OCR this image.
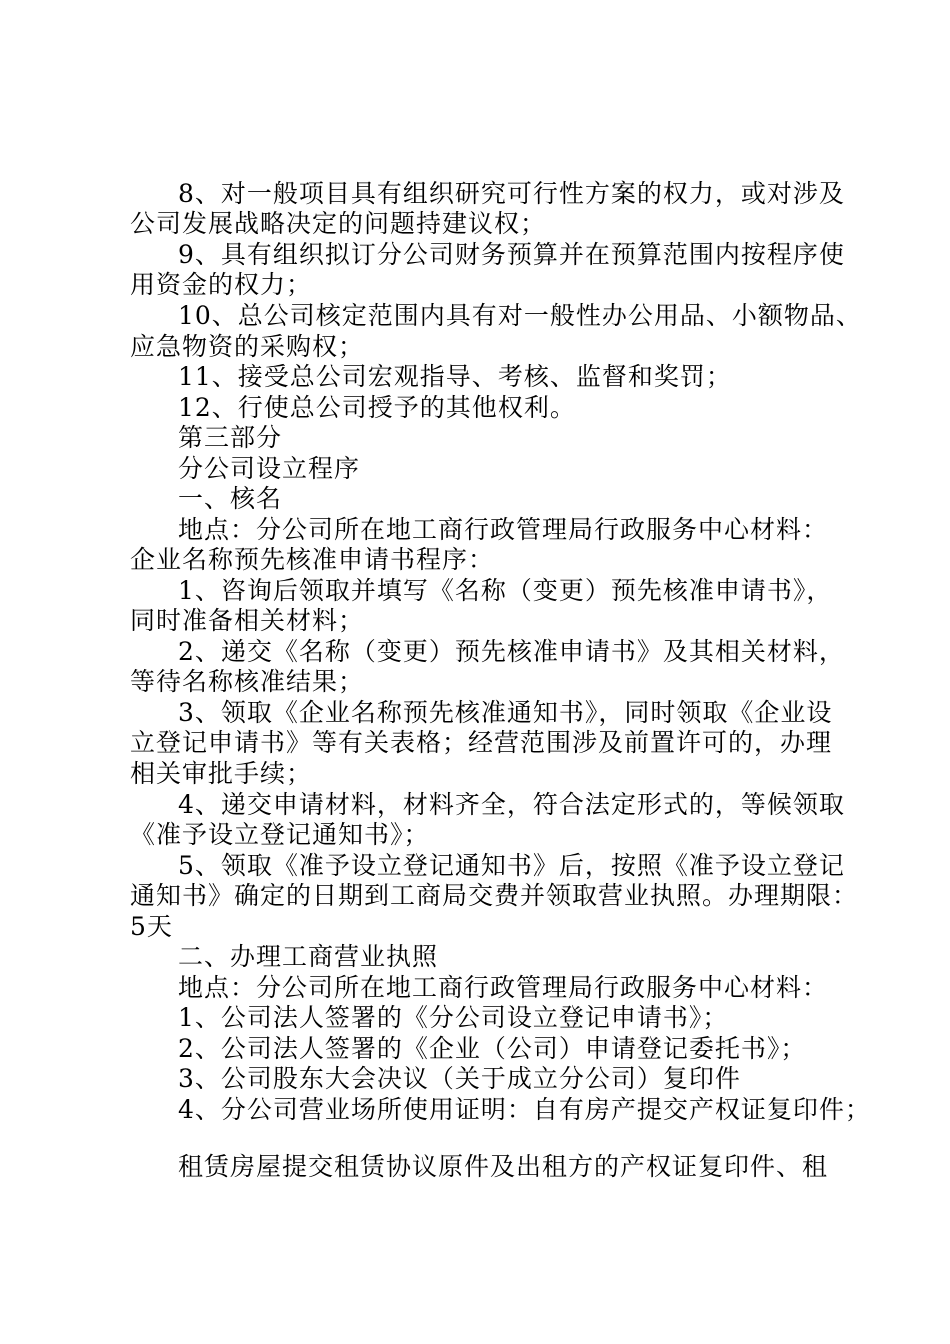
8、对一般项目具有组织研究可行性方案的权力，或对涉及
公司发展战略决定的问题持建议权；
9、具有组织拟订分公司财务预算并在预算范围内按程序使
用资金的权力；
10、总公司核定范围内具有对一般性办公用品、小额物品、
应急物资的采购权；
11、接受总公司宏观指导、考核、监督和奖罚；
12、行使总公司授予的其他权利。
第三部分
分公司设立程序
一、核名
地点：分公司所在地工商行政管理局行政服务中心材料：
企业名称预先核准申请书程序：
1、咨询后领取并填写《名称（变更）预先核准申请书》，
同时准备相关材料；
2、递交《名称（变更）预先核准申请书》及其相关材料，
等待名称核准结果；
3、领取《企业名称预先核准通知书》，同时领取《企业设
立登记申请书》等有关表格；经营范围涉及前置许可的，办理
相关审批手续；
4、递交申请材料，材料齐全，符合法定形式的，等候领取
《准予设立登记通知书》；
5、领取《准予设立登记通知书》后，按照《准予设立登记
通知书》确定的日期到工商局交费并领取营业执照。办理期限：
5天
二、办理工商营业执照
地点：分公司所在地工商行政管理局行政服务中心材料：
1、公司法人签署的《分公司设立登记申请书》；
2、公司法人签署的《企业（公司）申请登记委托书》；
3、公司股东大会决议（关于成立分公司）复印件
4、分公司营业场所使用证明：自有房产提交产权证复印件；
租赁房屋提交租赁协议原件及出租方的产权证复印件、租
